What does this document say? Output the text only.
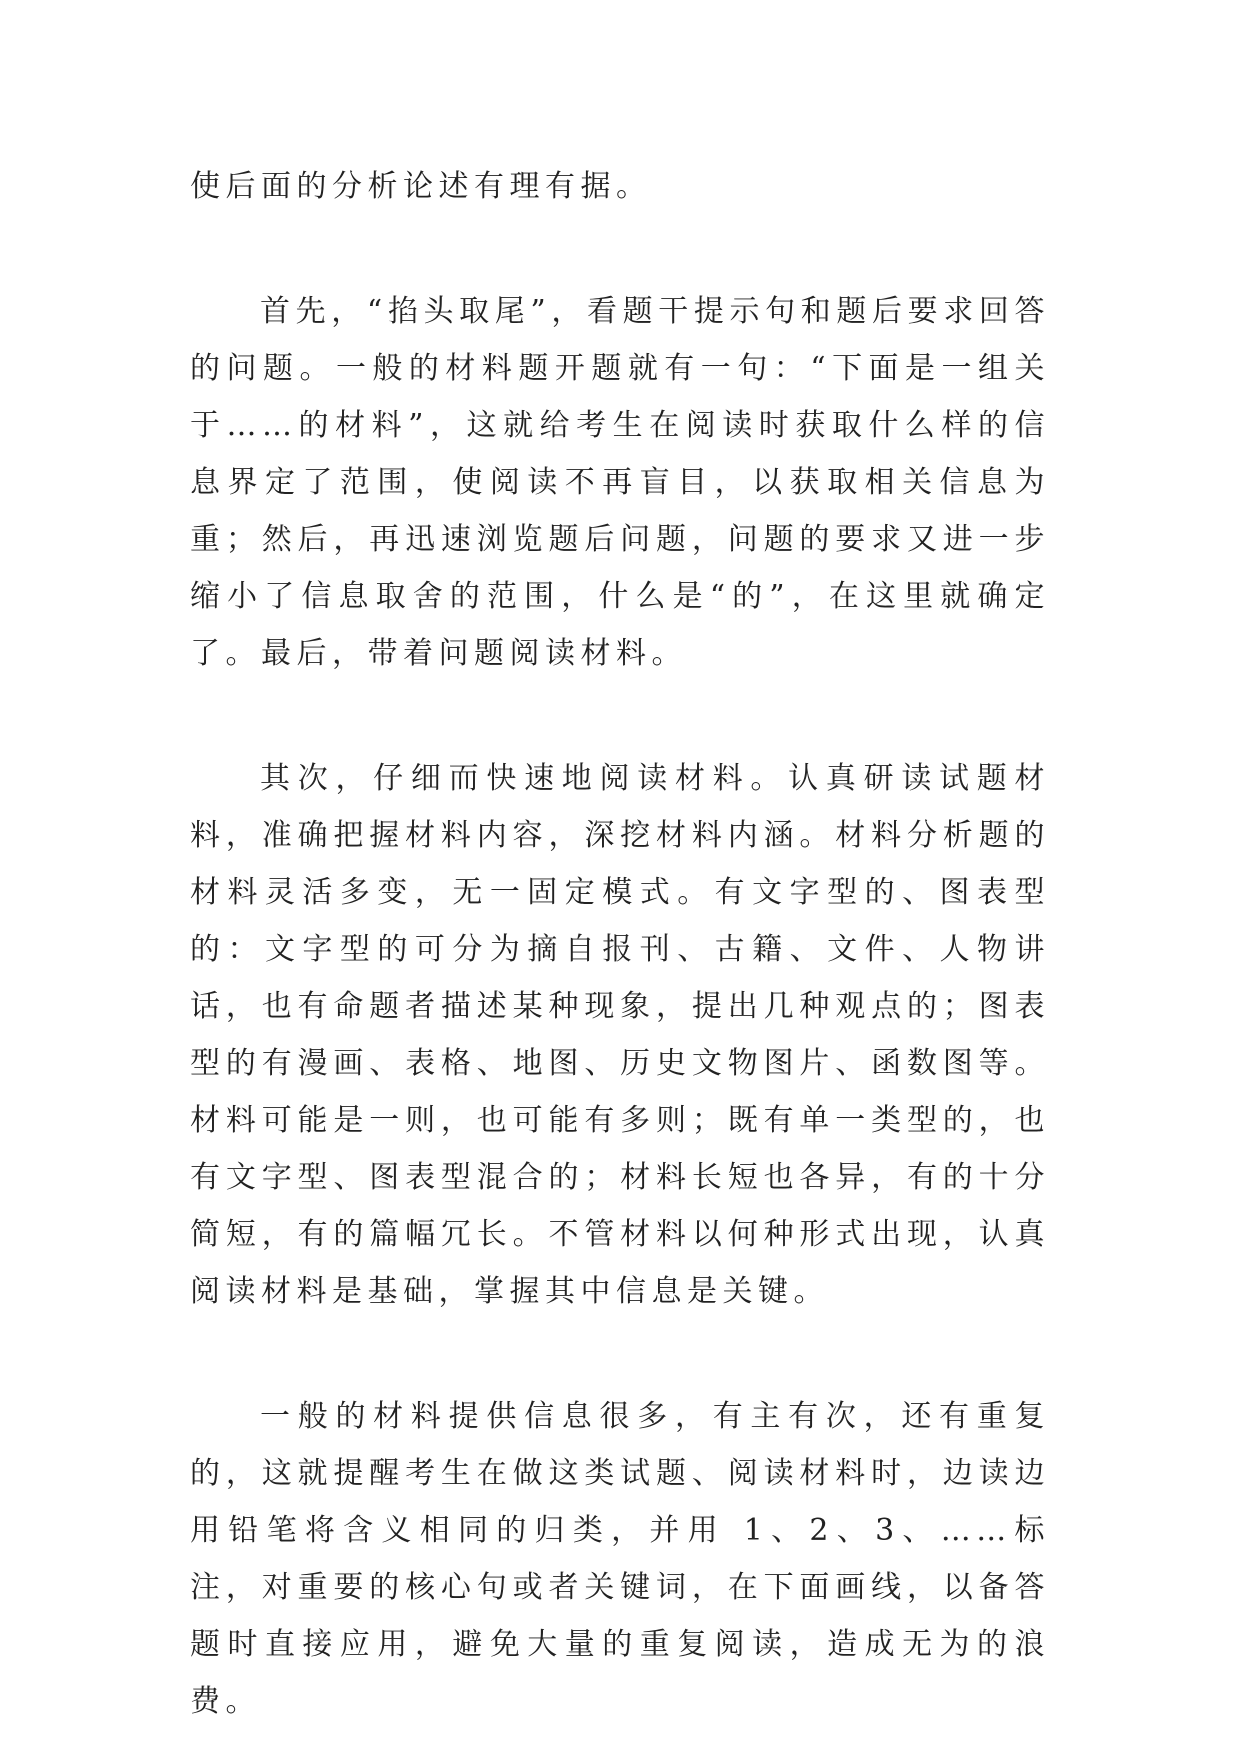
使后面的分析论述有理有据。

首先，“掐头取尾”，看题干提示句和题后要求回答的问题。一般的材料题开题就有一句：“下面是一组关于……的材料”，这就给考生在阅读时获取什么样的信息界定了范围，使阅读不再盲目，以获取相关信息为重；然后，再迅速浏览题后问题，问题的要求又进一步缩小了信息取舍的范围，什么是“的”，在这里就确定了。最后，带着问题阅读材料。

其次，仔细而快速地阅读材料。认真研读试题材料，准确把握材料内容，深挖材料内涵。材料分析题的材料灵活多变，无一固定模式。有文字型的、图表型的：文字型的可分为摘自报刊、古籍、文件、人物讲话，也有命题者描述某种现象，提出几种观点的；图表型的有漫画、表格、地图、历史文物图片、函数图等。材料可能是一则，也可能有多则；既有单一类型的，也有文字型、图表型混合的；材料长短也各异，有的十分简短，有的篇幅冗长。不管材料以何种形式出现，认真阅读材料是基础，掌握其中信息是关键。

一般的材料提供信息很多，有主有次，还有重复的，这就提醒考生在做这类试题、阅读材料时，边读边用铅笔将含义相同的归类，并用 1、2、3、……标注，对重要的核心句或者关键词，在下面画线，以备答题时直接应用，避免大量的重复阅读，造成无为的浪费。
